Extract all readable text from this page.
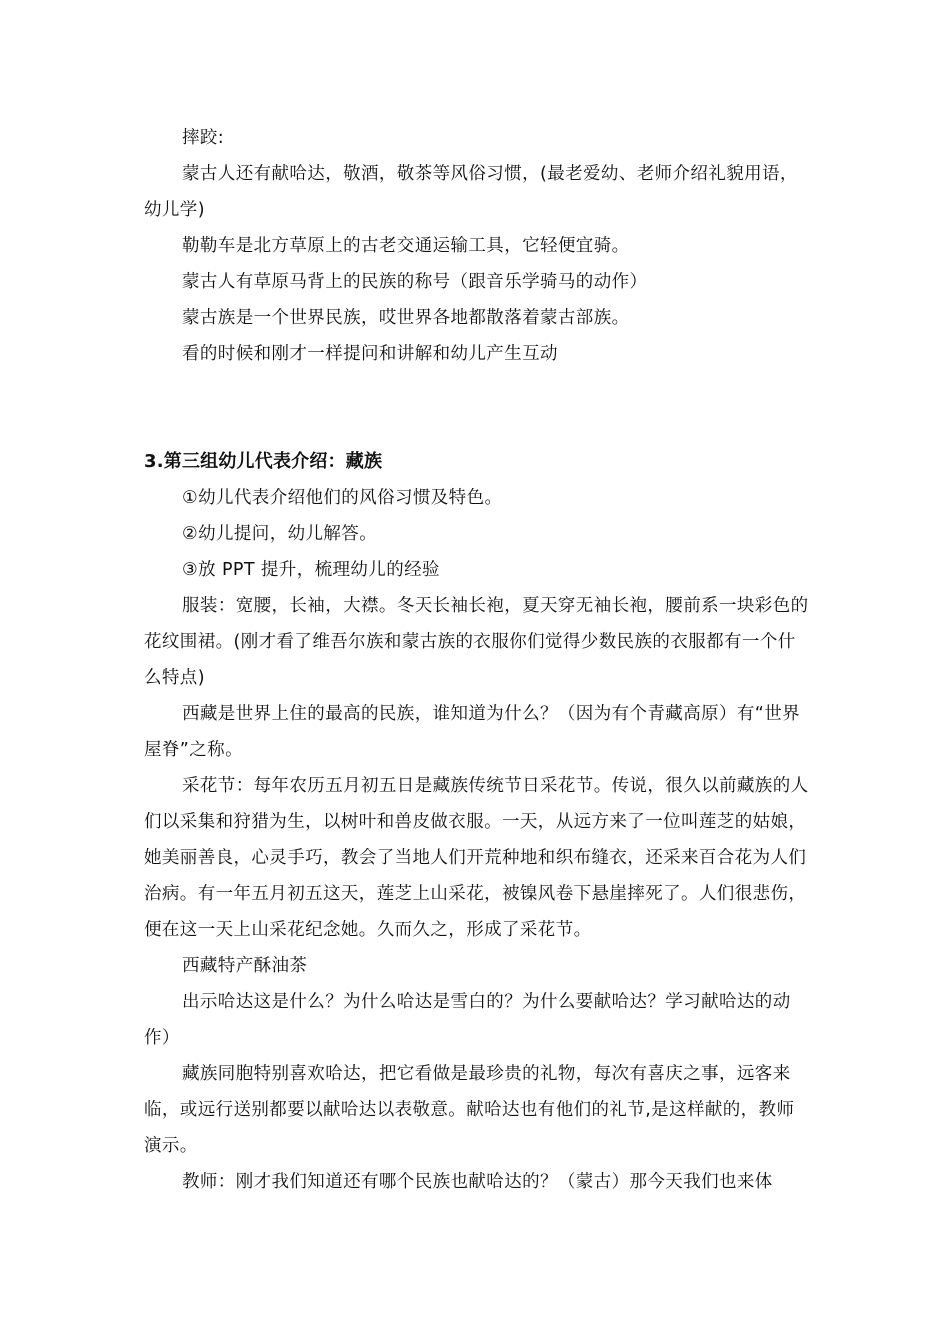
摔跤:

蒙古人还有献哈达，敬酒，敬茶等风俗习惯，(最老爱幼、老师介绍礼貌用语，幼儿学)

勒勒车是北方草原上的古老交通运输工具，它轻便宜骑。

蒙古人有草原马背上的民族的称号（跟音乐学骑马的动作）

蒙古族是一个世界民族，哎世界各地都散落着蒙古部族。

看的时候和刚才一样提问和讲解和幼儿产生互动

3.第三组幼儿代表介绍：藏族

①幼儿代表介绍他们的风俗习惯及特色。

②幼儿提问，幼儿解答。

③放 PPT 提升，梳理幼儿的经验

服装：宽腰，长袖，大襟。冬天长袖长袍，夏天穿无袖长袍，腰前系一块彩色的花纹围裙。(刚才看了维吾尔族和蒙古族的衣服你们觉得少数民族的衣服都有一个什么特点)

西藏是世界上住的最高的民族，谁知道为什么？（因为有个青藏高原）有“世界屋脊”之称。

采花节：每年农历五月初五日是藏族传统节日采花节。传说，很久以前藏族的人们以采集和狩猎为生，以树叶和兽皮做衣服。一天，从远方来了一位叫莲芝的姑娘，她美丽善良，心灵手巧，教会了当地人们开荒种地和织布缝衣，还采来百合花为人们治病。有一年五月初五这天，莲芝上山采花，被镍风卷下悬崖摔死了。人们很悲伤，便在这一天上山采花纪念她。久而久之，形成了采花节。

西藏特产酥油茶

出示哈达这是什么？为什么哈达是雪白的？为什么要献哈达？学习献哈达的动作）

藏族同胞特别喜欢哈达，把它看做是最珍贵的礼物，每次有喜庆之事，远客来临，或远行送别都要以献哈达以表敬意。献哈达也有他们的礼节,是这样献的，教师演示。

教师：刚才我们知道还有哪个民族也献哈达的？（蒙古）那今天我们也来体
